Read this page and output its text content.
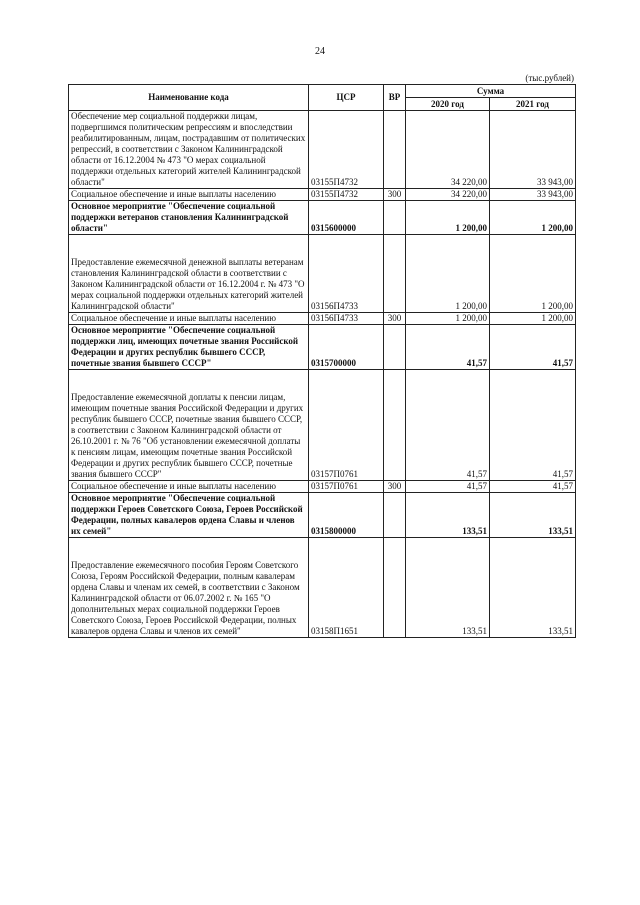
24
(тыс.рублей)
Наименование кода	ЦСР	ВР	Сумма	
			2020 год	2021 год
Обеспечение мер социальной поддержки лицам, подвергшимся политическим репрессиям и впоследствии реабилитированным, лицам, пострадавшим от политических репрессий, в соответствии с Законом Калининградской области от 16.12.2004 № 473 "О мерах социальной поддержки отдельных категорий жителей Калининградской области"	03155П4732		34 220,00	33 943,00
Социальное обеспечение и иные выплаты населению	03155П4732	300	34 220,00	33 943,00
Основное мероприятие "Обеспечение социальной поддержки ветеранов становления Калининградской области"	0315600000		1 200,00	1 200,00

Предоставление ежемесячной денежной выплаты ветеранам становления Калининградской области в соответствии с Законом Калининградской области от 16.12.2004 г. № 473 "О мерах социальной поддержки отдельных категорий жителей Калининградской области"	03156П4733		1 200,00	1 200,00
Социальное обеспечение и иные выплаты населению	03156П4733	300	1 200,00	1 200,00
Основное мероприятие "Обеспечение социальной поддержки лиц, имеющих почетные звания Российской Федерации и других республик бывшего СССР, почетные звания бывшего СССР"	0315700000		41,57	41,57

Предоставление ежемесячной доплаты к пенсии лицам, имеющим почетные звания Российской Федерации и других республик бывшего СССР, почетные звания бывшего СССР, в соответствии с Законом Калининградской области от 26.10.2001 г. № 76 "Об установлении ежемесячной доплаты к пенсиям лицам, имеющим почетные звания Российской Федерации и других республик бывшего СССР, почетные звания бывшего СССР"	03157П0761		41,57	41,57
Социальное обеспечение и иные выплаты населению	03157П0761	300	41,57	41,57
Основное мероприятие "Обеспечение социальной поддержки Героев Советского Союза, Героев Российской Федерации, полных кавалеров ордена Славы и членов их семей"	0315800000		133,51	133,51

Предоставление ежемесячного пособия Героям Советского Союза, Героям Российской Федерации, полным кавалерам ордена Славы и членам их семей, в соответствии с Законом Калининградской области от 06.07.2002 г. № 165 "О дополнительных мерах социальной поддержки Героев Советского Союза, Героев Российской Федерации, полных кавалеров ордена Славы и членов их семей"	03158П1651		133,51	133,51
